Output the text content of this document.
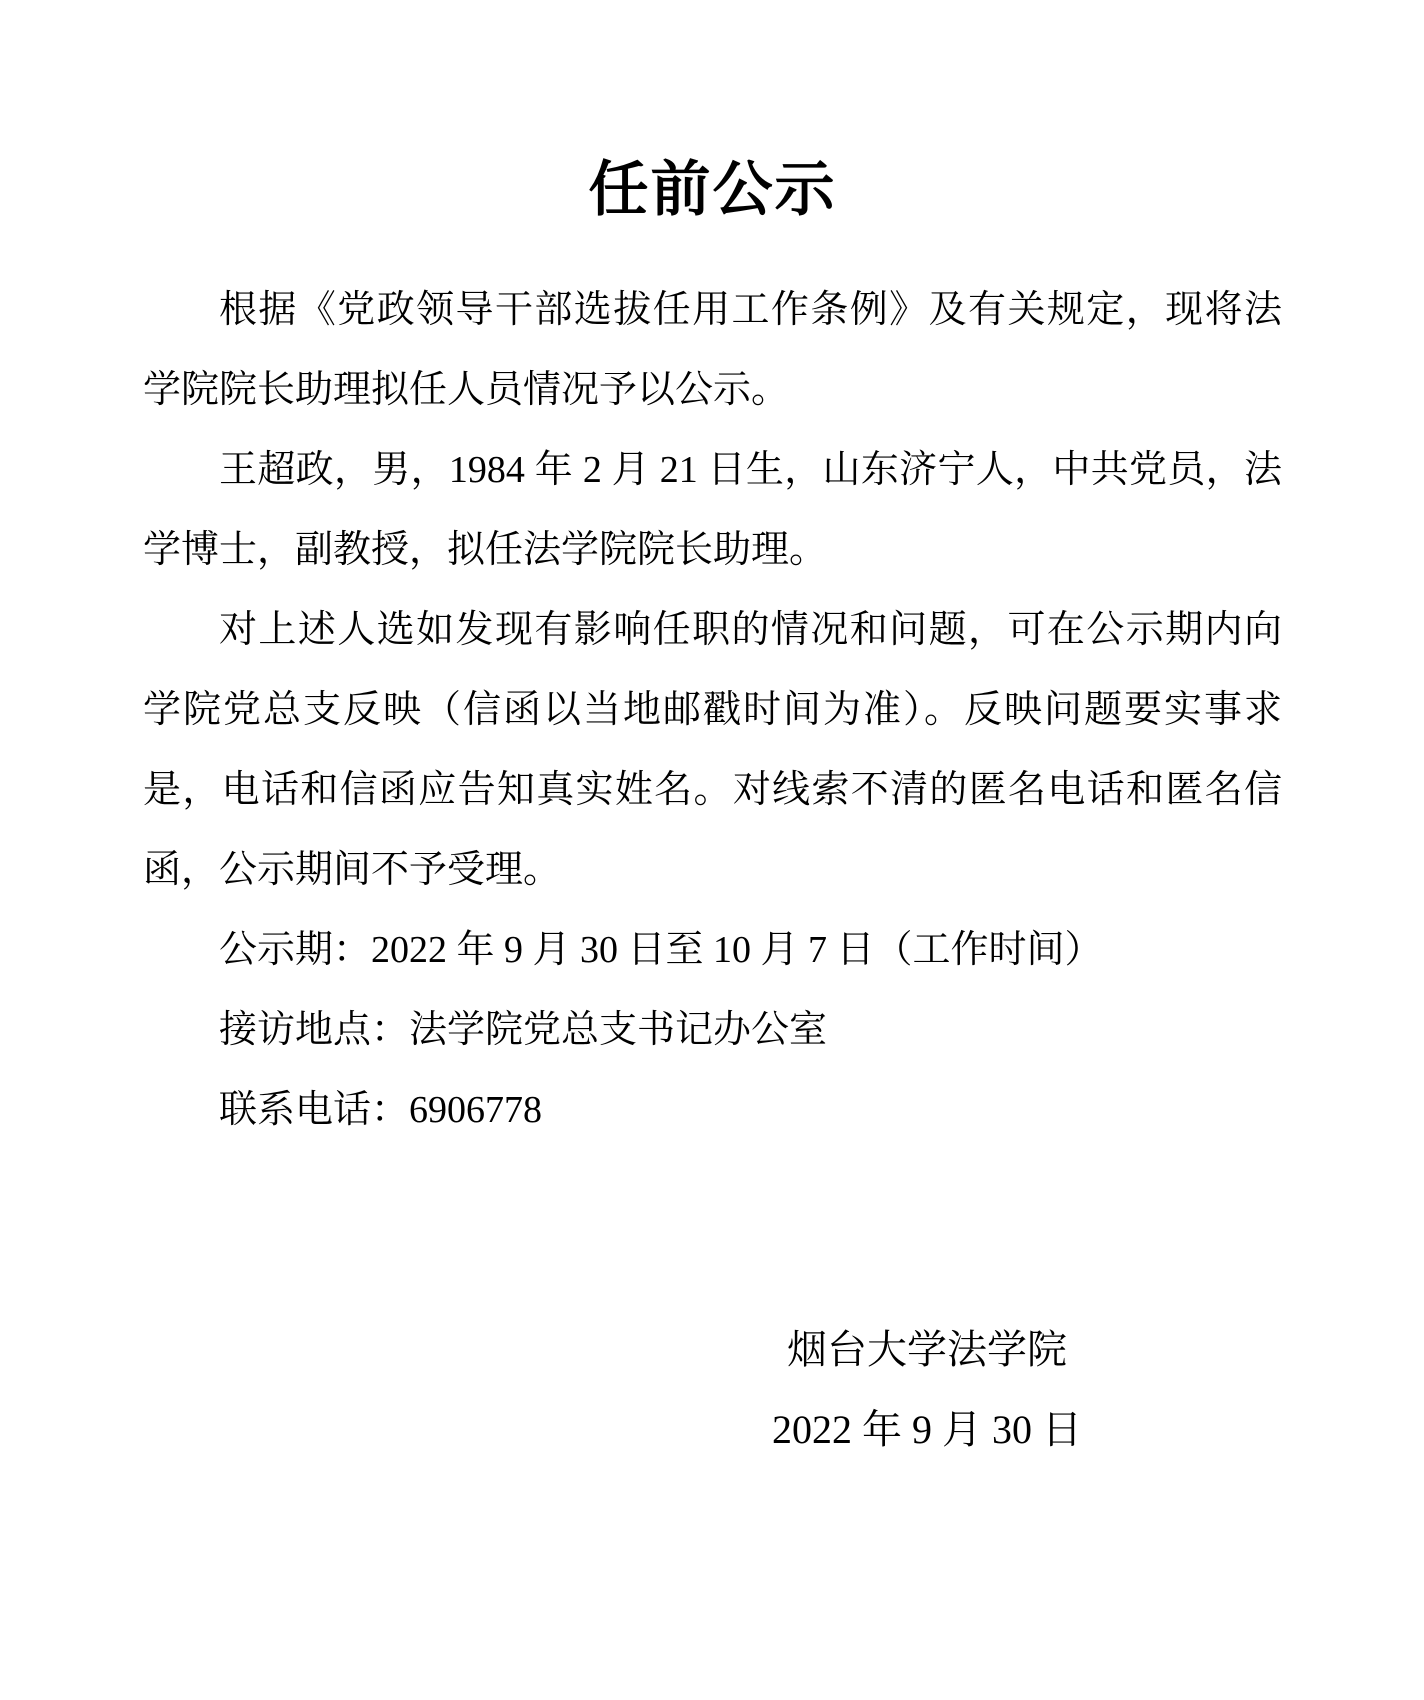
任前公示

根据《党政领导干部选拔任用工作条例》及有关规定，现将法学院院长助理拟任人员情况予以公示。

王超政，男，1984 年 2 月 21 日生，山东济宁人，中共党员，法学博士，副教授，拟任法学院院长助理。

对上述人选如发现有影响任职的情况和问题，可在公示期内向学院党总支反映（信函以当地邮戳时间为准）。反映问题要实事求是，电话和信函应告知真实姓名。对线索不清的匿名电话和匿名信函，公示期间不予受理。

公示期：2022 年 9 月 30 日至 10 月 7 日（工作时间）

接访地点：法学院党总支书记办公室

联系电话：6906778

烟台大学法学院
2022 年 9 月 30 日
